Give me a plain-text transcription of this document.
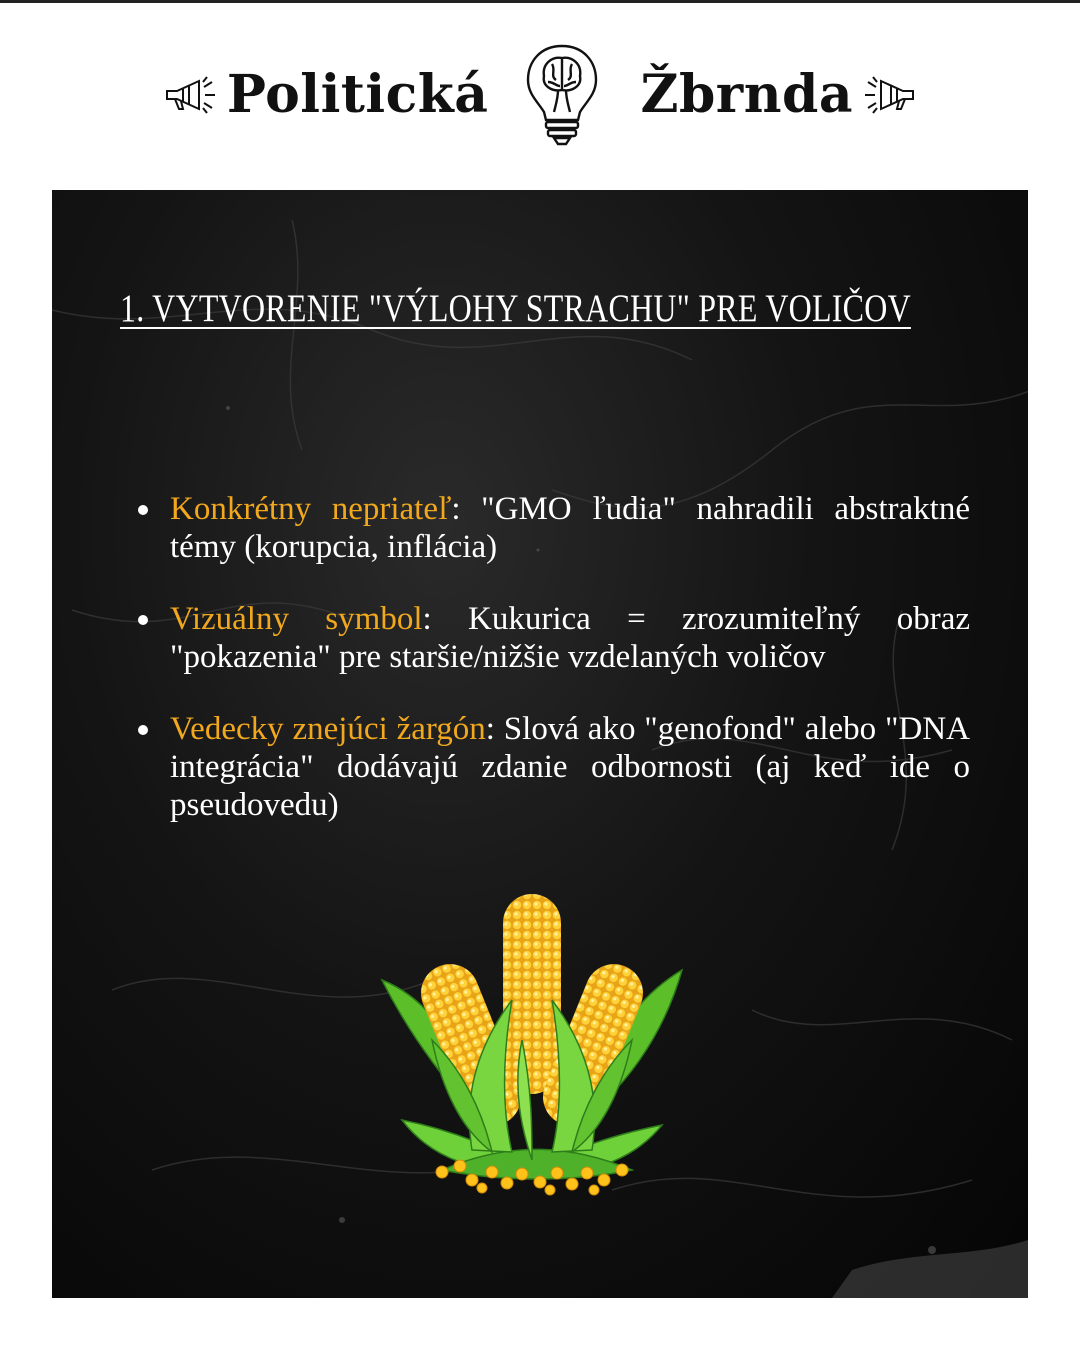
Politická	Žbrnda
1. VYTVORENIE "VÝLOHY STRACHU" PRE VOLIČOV
Konkrétny nepriateľ: "GMO ľudia" nahradili abstraktné témy (korupcia, inflácia)
Vizuálny symbol: Kukurica = zrozumiteľný obraz "pokazenia" pre staršie/nižšie vzdelaných voličov
Vedecky znejúci žargón: Slová ako "genofond" alebo "DNA integrácia" dodávajú zdanie odbornosti (aj keď ide o pseudovedu)
